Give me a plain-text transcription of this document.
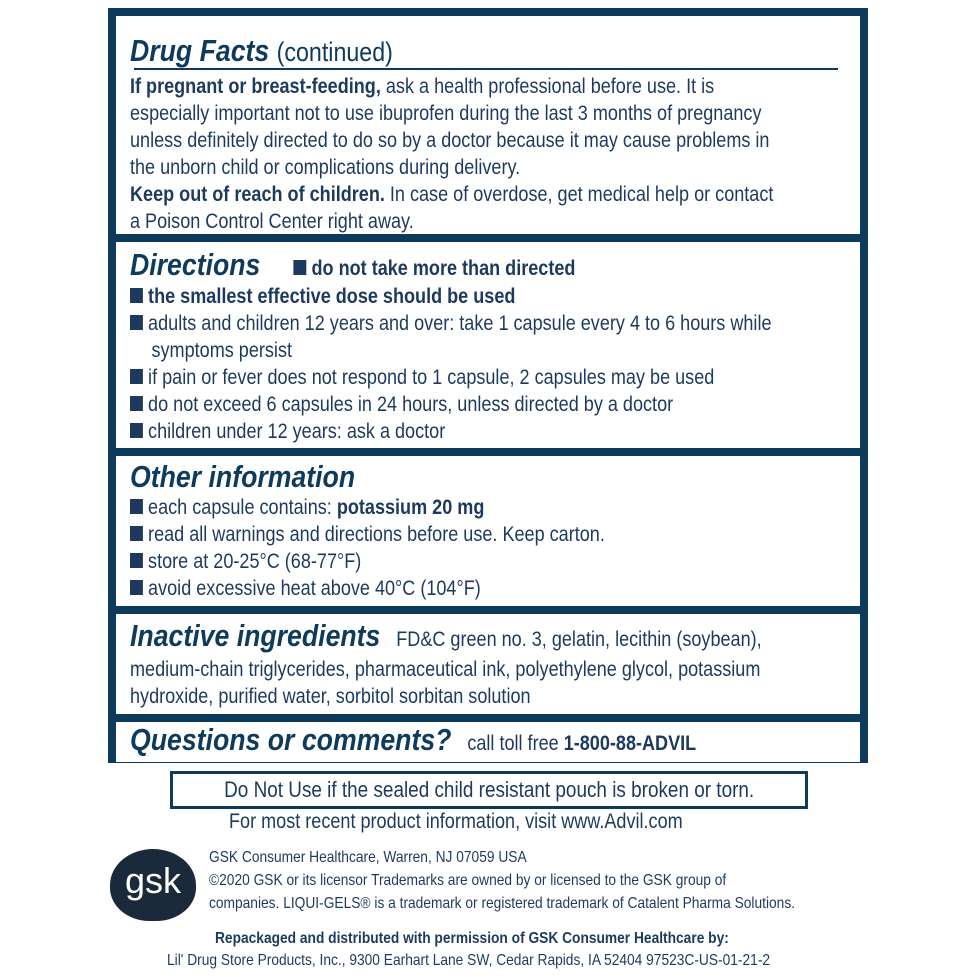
Drug Facts (continued)
If pregnant or breast-feeding, ask a health professional before use. It is
especially important not to use ibuprofen during the last 3 months of pregnancy
unless definitely directed to do so by a doctor because it may cause problems in
the unborn child or complications during delivery.
Keep out of reach of children. In case of overdose, get medical help or contact
a Poison Control Center right away.
Directions do not take more than directed
the smallest effective dose should be used
adults and children 12 years and over: take 1 capsule every 4 to 6 hours while
symptoms persist
if pain or fever does not respond to 1 capsule, 2 capsules may be used
do not exceed 6 capsules in 24 hours, unless directed by a doctor
children under 12 years: ask a doctor
Other information
each capsule contains: potassium 20 mg
read all warnings and directions before use. Keep carton.
store at 20-25°C (68-77°F)
avoid excessive heat above 40°C (104°F)
Inactive ingredients FD&C green no. 3, gelatin, lecithin (soybean),
medium-chain triglycerides, pharmaceutical ink, polyethylene glycol, potassium
hydroxide, purified water, sorbitol sorbitan solution
Questions or comments? call toll free 1-800-88-ADVIL
Do Not Use if the sealed child resistant pouch is broken or torn.
For most recent product information, visit www.Advil.com
gsk
GSK Consumer Healthcare, Warren, NJ 07059 USA
©2020 GSK or its licensor Trademarks are owned by or licensed to the GSK group of
companies. LIQUI-GELS® is a trademark or registered trademark of Catalent Pharma Solutions.
Repackaged and distributed with permission of GSK Consumer Healthcare by:
Lil' Drug Store Products, Inc., 9300 Earhart Lane SW, Cedar Rapids, IA 52404 97523C-US-01-21-2
